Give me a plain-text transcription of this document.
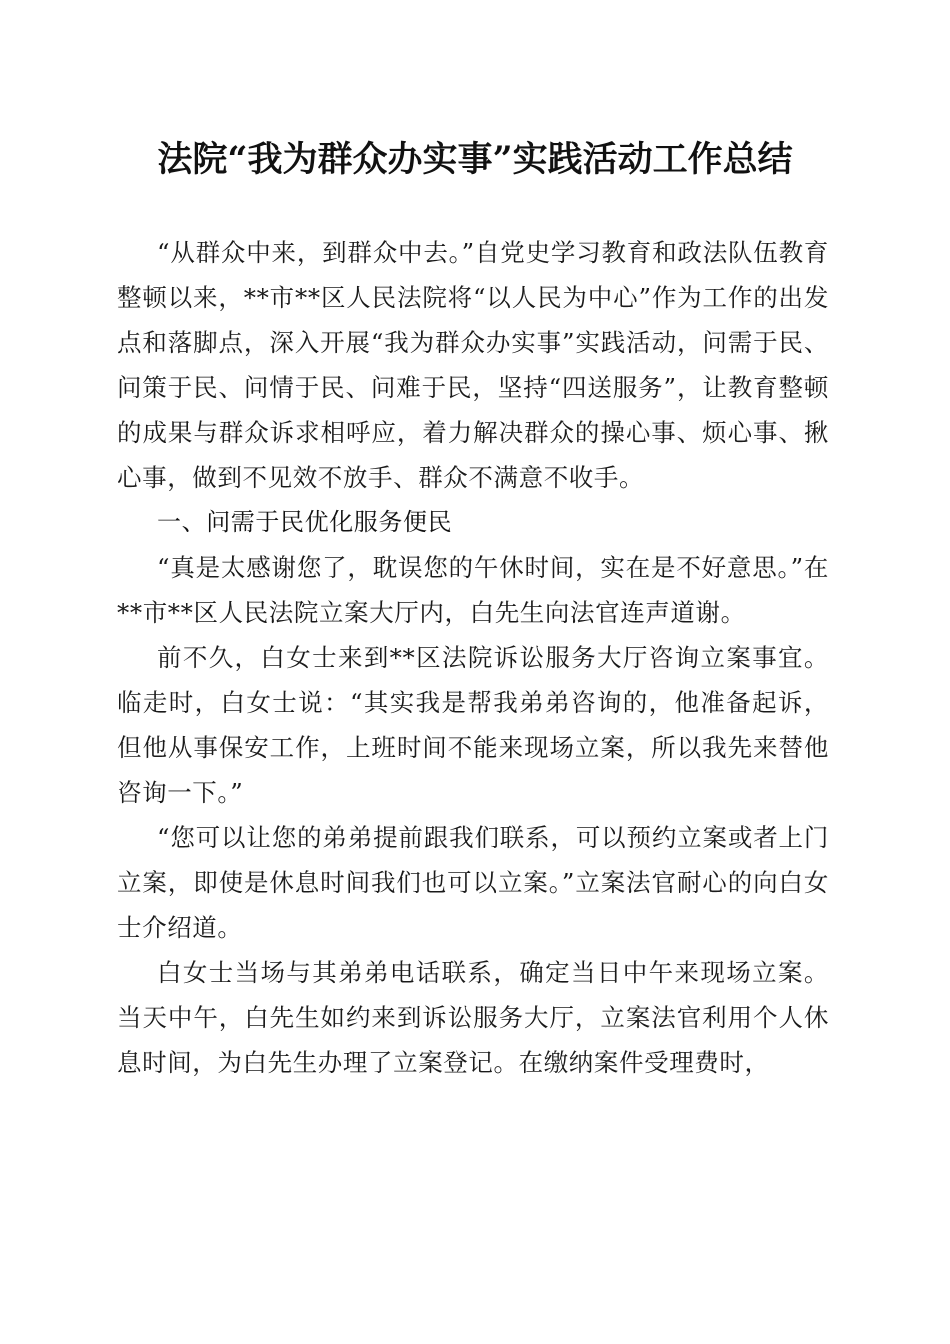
法院“我为群众办实事”实践活动工作总结

“从群众中来，到群众中去。”自党史学习教育和政法队伍教育整顿以来，**市**区人民法院将“以人民为中心”作为工作的出发点和落脚点，深入开展“我为群众办实事”实践活动，问需于民、问策于民、问情于民、问难于民，坚持“四送服务”，让教育整顿的成果与群众诉求相呼应，着力解决群众的操心事、烦心事、揪心事，做到不见效不放手、群众不满意不收手。

一、问需于民优化服务便民

“真是太感谢您了，耽误您的午休时间，实在是不好意思。”在**市**区人民法院立案大厅内，白先生向法官连声道谢。

前不久，白女士来到**区法院诉讼服务大厅咨询立案事宜。临走时，白女士说：“其实我是帮我弟弟咨询的，他准备起诉，但他从事保安工作，上班时间不能来现场立案，所以我先来替他咨询一下。”

“您可以让您的弟弟提前跟我们联系，可以预约立案或者上门立案，即使是休息时间我们也可以立案。”立案法官耐心的向白女士介绍道。

白女士当场与其弟弟电话联系，确定当日中午来现场立案。当天中午，白先生如约来到诉讼服务大厅，立案法官利用个人休息时间，为白先生办理了立案登记。在缴纳案件受理费时，
